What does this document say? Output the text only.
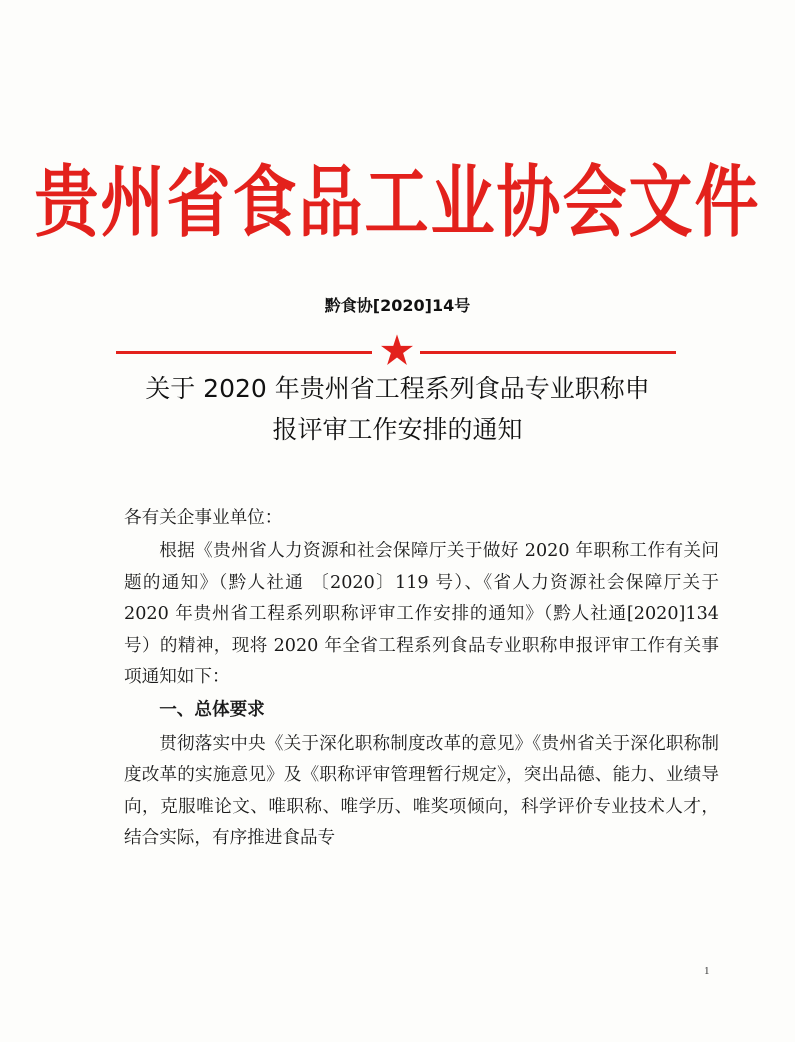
贵州省食品工业协会文件
黔食协[2020]14号
关于 2020 年贵州省工程系列食品专业职称申
报评审工作安排的通知

各有关企事业单位：

根据《贵州省人力资源和社会保障厅关于做好 2020 年职称工作有关问题的通知》（黔人社通 〔2020〕119 号）、《省人力资源社会保障厅关于 2020 年贵州省工程系列职称评审工作安排的通知》（黔人社通[2020]134 号）的精神，现将 2020 年全省工程系列食品专业职称申报评审工作有关事项通知如下：

一、总体要求

贯彻落实中央《关于深化职称制度改革的意见》《贵州省关于深化职称制度改革的实施意见》及《职称评审管理暂行规定》，突出品德、能力、业绩导向，克服唯论文、唯职称、唯学历、唯奖项倾向，科学评价专业技术人才，结合实际，有序推进食品专

1
